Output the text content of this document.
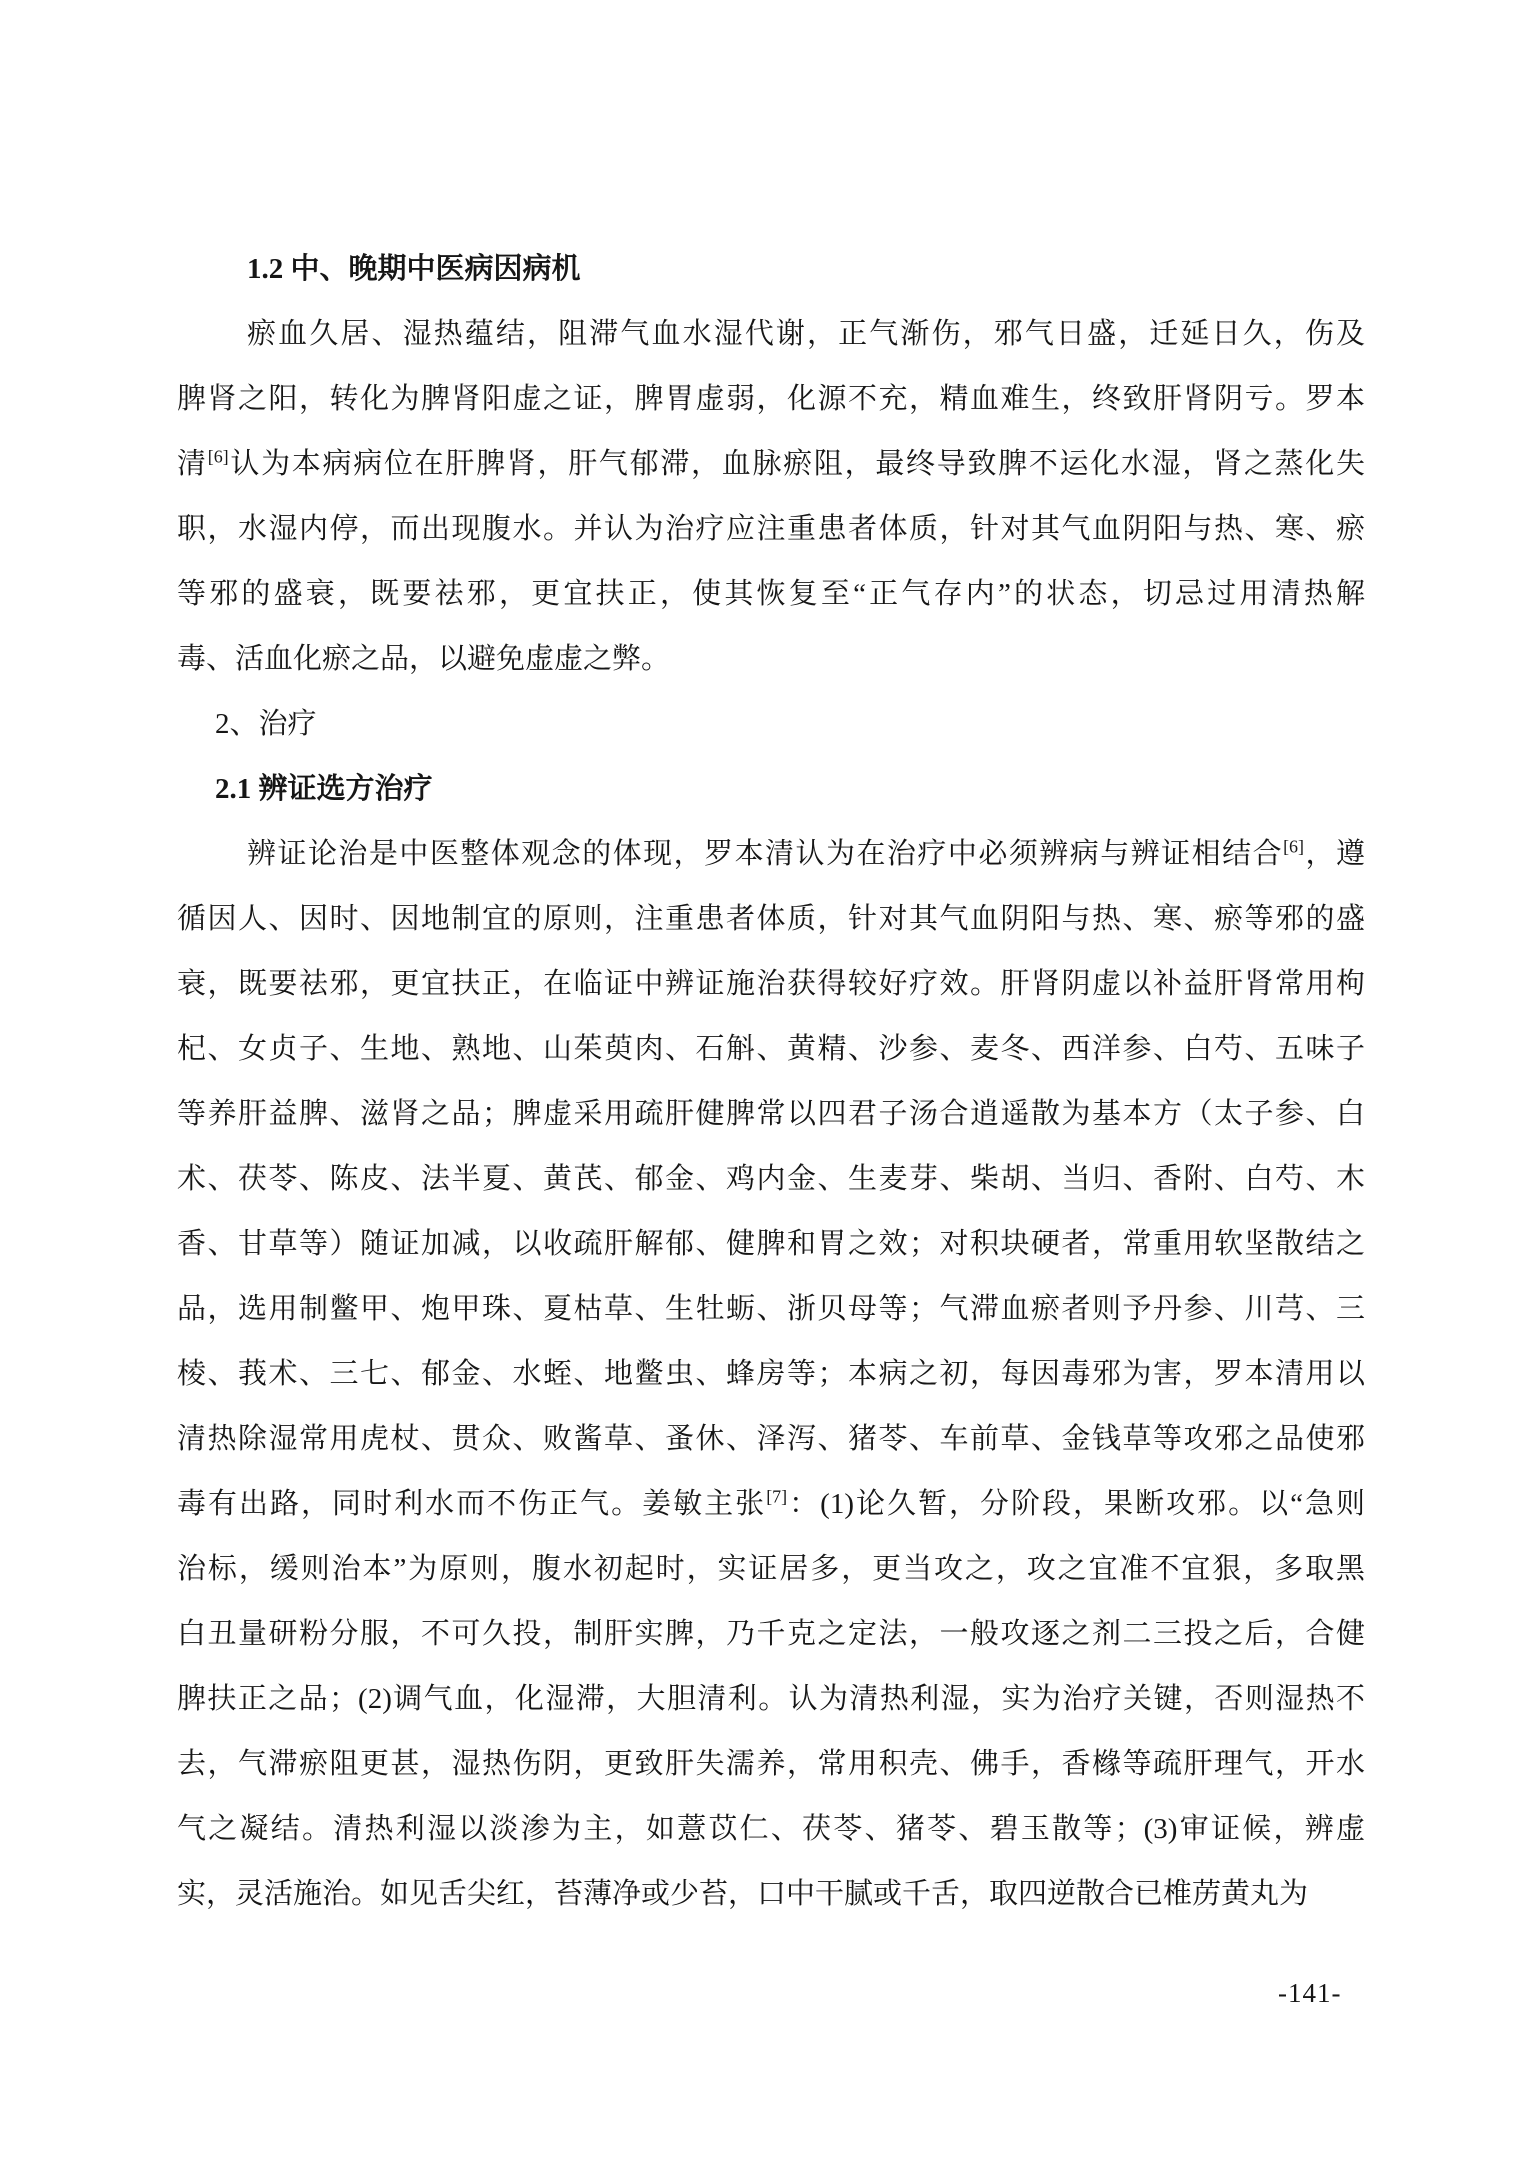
1.2 中、晚期中医病因病机
瘀血久居、湿热蕴结，阻滞气血水湿代谢，正气渐伤，邪气日盛，迁延日久，伤及
脾肾之阳，转化为脾肾阳虚之证，脾胃虚弱，化源不充，精血难生，终致肝肾阴亏。罗本
清[6]认为本病病位在肝脾肾，肝气郁滞，血脉瘀阻，最终导致脾不运化水湿，肾之蒸化失
职，水湿内停，而出现腹水。并认为治疗应注重患者体质，针对其气血阴阳与热、寒、瘀
等邪的盛衰，既要祛邪，更宜扶正，使其恢复至“正气存内”的状态，切忌过用清热解
毒、活血化瘀之品，以避免虚虚之弊。
2、治疗
2.1 辨证选方治疗
辨证论治是中医整体观念的体现，罗本清认为在治疗中必须辨病与辨证相结合[6]，遵
循因人、因时、因地制宜的原则，注重患者体质，针对其气血阴阳与热、寒、瘀等邪的盛
衰，既要祛邪，更宜扶正，在临证中辨证施治获得较好疗效。肝肾阴虚以补益肝肾常用枸
杞、女贞子、生地、熟地、山茱萸肉、石斛、黄精、沙参、麦冬、西洋参、白芍、五味子
等养肝益脾、滋肾之品；脾虚采用疏肝健脾常以四君子汤合逍遥散为基本方（太子参、白
术、茯苓、陈皮、法半夏、黄芪、郁金、鸡内金、生麦芽、柴胡、当归、香附、白芍、木
香、甘草等）随证加减，以收疏肝解郁、健脾和胃之效；对积块硬者，常重用软坚散结之
品，选用制鳖甲、炮甲珠、夏枯草、生牡蛎、浙贝母等；气滞血瘀者则予丹参、川芎、三
棱、莪术、三七、郁金、水蛭、地鳖虫、蜂房等；本病之初，每因毒邪为害，罗本清用以
清热除湿常用虎杖、贯众、败酱草、蚤休、泽泻、猪苓、车前草、金钱草等攻邪之品使邪
毒有出路，同时利水而不伤正气。姜敏主张[7]：(1)论久暂，分阶段，果断攻邪。以“急则
治标，缓则治本”为原则，腹水初起时，实证居多，更当攻之，攻之宜准不宜狠，多取黑
白丑量研粉分服，不可久投，制肝实脾，乃千克之定法，一般攻逐之剂二三投之后，合健
脾扶正之品；(2)调气血，化湿滞，大胆清利。认为清热利湿，实为治疗关键，否则湿热不
去，气滞瘀阻更甚，湿热伤阴，更致肝失濡养，常用积壳、佛手，香橼等疏肝理气，开水
气之凝结。清热利湿以淡渗为主，如薏苡仁、茯苓、猪苓、碧玉散等；(3)审证候，辨虚
实，灵活施治。如见舌尖红，苔薄净或少苔，口中干腻或千舌，取四逆散合已椎苈黄丸为
-141-
